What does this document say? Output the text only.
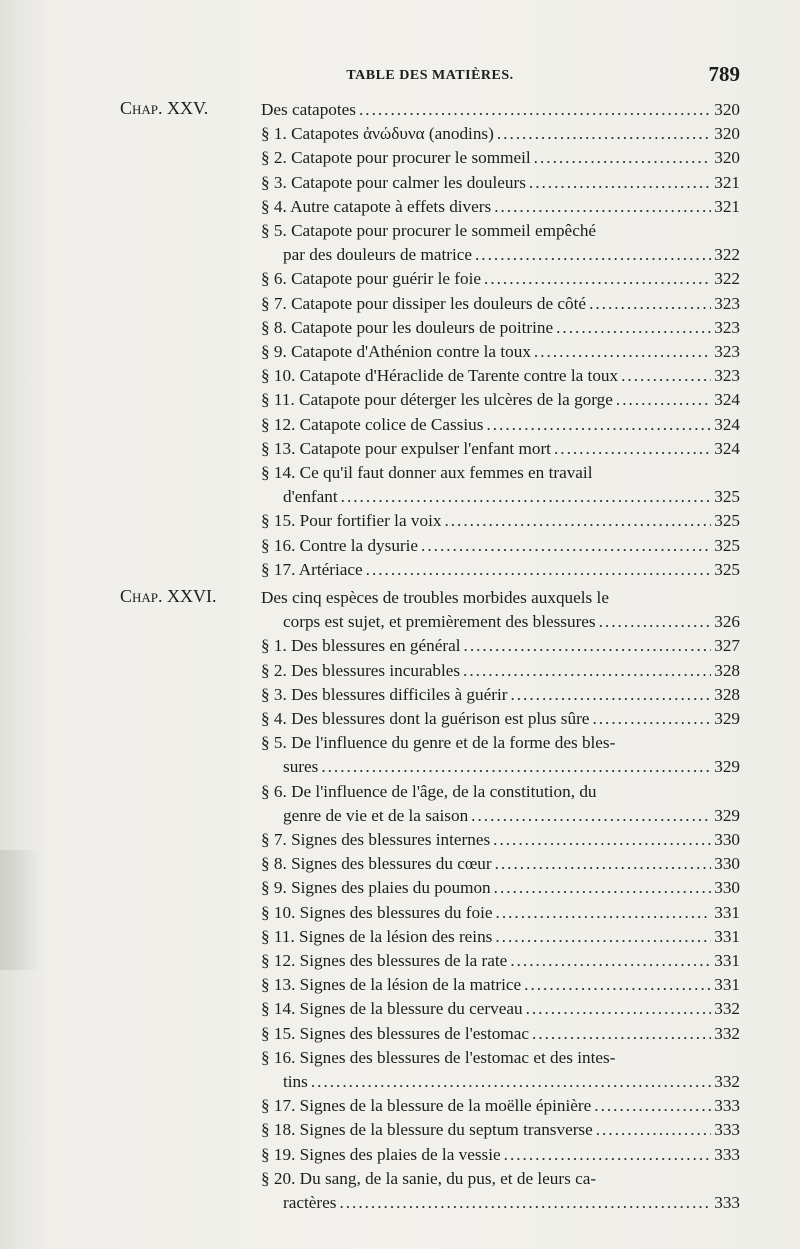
TABLE DES MATIÈRES.	789
Chap. XXV.	Des catapotes .....	320
§ 1. Catapotes ἀνώδυνα (anodins) .....	320
§ 2. Catapote pour procurer le sommeil .....	320
§ 3. Catapote pour calmer les douleurs .....	321
§ 4. Autre catapote à effets divers .....	321
§ 5. Catapote pour procurer le sommeil empêché
par des douleurs de matrice .....	322
§ 6. Catapote pour guérir le foie .....	322
§ 7. Catapote pour dissiper les douleurs de côté .....	323
§ 8. Catapote pour les douleurs de poitrine .....	323
§ 9. Catapote d'Athénion contre la toux .....	323
§ 10. Catapote d'Héraclide de Tarente contre la toux .....	323
§ 11. Catapote pour déterger les ulcères de la gorge .....	324
§ 12. Catapote colice de Cassius .....	324
§ 13. Catapote pour expulser l'enfant mort .....	324
§ 14. Ce qu'il faut donner aux femmes en travail
d'enfant .....	325
§ 15. Pour fortifier la voix .....	325
§ 16. Contre la dysurie .....	325
§ 17. Artériace .....	325
Chap. XXVI.	Des cinq espèces de troubles morbides auxquels le
corps est sujet, et premièrement des blessures .....	326
§ 1. Des blessures en général .....	327
§ 2. Des blessures incurables .....	328
§ 3. Des blessures difficiles à guérir .....	328
§ 4. Des blessures dont la guérison est plus sûre .....	329
§ 5. De l'influence du genre et de la forme des bles-
sures .....	329
§ 6. De l'influence de l'âge, de la constitution, du
genre de vie et de la saison .....	329
§ 7. Signes des blessures internes .....	330
§ 8. Signes des blessures du cœur .....	330
§ 9. Signes des plaies du poumon .....	330
§ 10. Signes des blessures du foie .....	331
§ 11. Signes de la lésion des reins .....	331
§ 12. Signes des blessures de la rate .....	331
§ 13. Signes de la lésion de la matrice .....	331
§ 14. Signes de la blessure du cerveau .....	332
§ 15. Signes des blessures de l'estomac .....	332
§ 16. Signes des blessures de l'estomac et des intes-
tins .....	332
§ 17. Signes de la blessure de la moëlle épinière .....	333
§ 18. Signes de la blessure du septum transverse .....	333
§ 19. Signes des plaies de la vessie .....	333
§ 20. Du sang, de la sanie, du pus, et de leurs ca-
ractères .....	333
